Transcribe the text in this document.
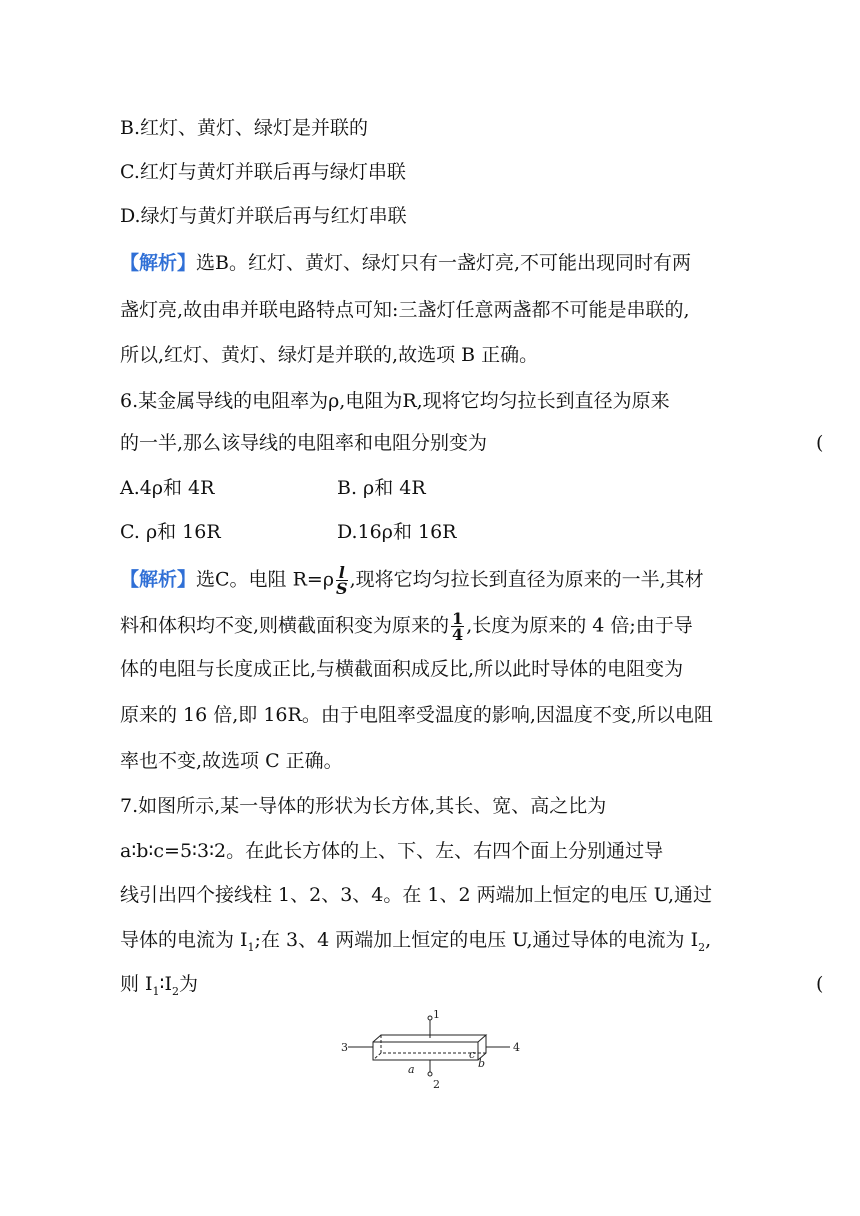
B.红灯、黄灯、绿灯是并联的
C.红灯与黄灯并联后再与绿灯串联
D.绿灯与黄灯并联后再与红灯串联
【解析】选B。红灯、黄灯、绿灯只有一盏灯亮,不可能出现同时有两
盏灯亮,故由串并联电路特点可知:三盏灯任意两盏都不可能是串联的,
所以,红灯、黄灯、绿灯是并联的,故选项 B 正确。
6.某金属导线的电阻率为ρ,电阻为R,现将它均匀拉长到直径为原来
的一半,那么该导线的电阻率和电阻分别变为	(
A.4ρ和 4R	B. ρ和 4R
C. ρ和 16R	D.16ρ和 16R
【解析】选C。电阻 $R=\rho \frac{l}{S}$ ,现将它均匀拉长到直径为原来的一半,其材
料和体积均不变,则横截面积变为原来的 $\frac{1}{4}$ ,长度为原来的 4 倍;由于导
体的电阻与长度成正比,与横截面积成反比,所以此时导体的电阻变为
原来的 16 倍,即 16R。由于电阻率受温度的影响,因温度不变,所以电阻
率也不变,故选项 C 正确。
7.如图所示,某一导体的形状为长方体,其长、宽、高之比为
a∶b∶c=5∶3∶2。在此长方体的上、下、左、右四个面上分别通过导
线引出四个接线柱 1、2、3、4。在 1、2 两端加上恒定的电压 U,通过
导体的电流为 $I_1$;在 3、4 两端加上恒定的电压 U,通过导体的电流为 $I_2$,
则 $I_1∶I_2$为	(
1
2
3	4
a	b
c
